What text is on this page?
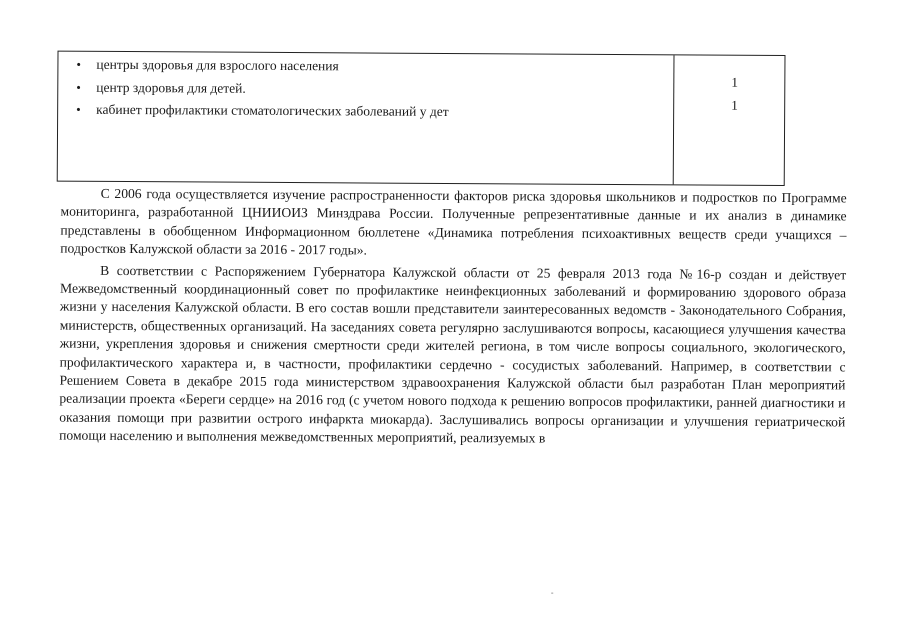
• центры здоровья для взрослого населения
• центр здоровья для детей.
• кабинет профилактики стоматологических заболеваний у дет
1
1

С 2006 года осуществляется изучение распространенности факторов риска здоровья школьников и подростков по Программе мониторинга, разработанной ЦНИИОИЗ Минздрава России. Полученные репрезентативные данные и их анализ в динамике представлены в обобщенном Информационном бюллетене «Динамика потребления психоактивных веществ среди учащихся – подростков Калужской области за 2016 - 2017 годы».

В соответствии с Распоряжением Губернатора Калужской области от 25 февраля 2013 года №16-р создан и действует Межведомственный координационный совет по профилактике неинфекционных заболеваний и формированию здорового образа жизни у населения Калужской области. В его состав вошли представители заинтересованных ведомств - Законодательного Собрания, министерств, общественных организаций. На заседаниях совета регулярно заслушиваются вопросы, касающиеся улучшения качества жизни, укрепления здоровья и снижения смертности среди жителей региона, в том числе вопросы социального, экологического, профилактического характера и, в частности, профилактики сердечно - сосудистых заболеваний. Например, в соответствии с Решением Совета в декабре 2015 года министерством здравоохранения Калужской области был разработан План мероприятий реализации проекта «Береги сердце» на 2016 год (с учетом нового подхода к решению вопросов профилактики, ранней диагностики и оказания помощи при развитии острого инфаркта миокарда). Заслушивались вопросы организации и улучшения гериатрической помощи населению и выполнения межведомственных мероприятий, реализуемых в
